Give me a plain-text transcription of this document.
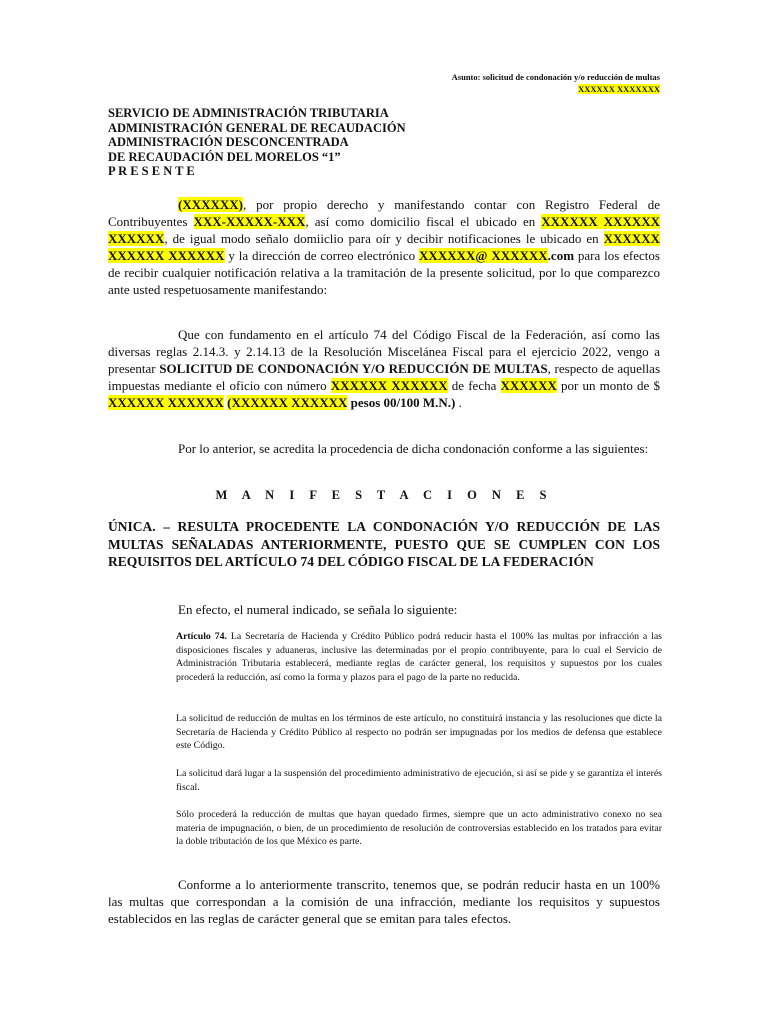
Asunto: solicitud de condonación y/o reducción de multas
XXXXXX XXXXXXX
SERVICIO DE ADMINISTRACIÓN TRIBUTARIA
ADMINISTRACIÓN GENERAL DE RECAUDACIÓN
ADMINISTRACIÓN DESCONCENTRADA
DE RECAUDACIÓN DEL MORELOS “1”
P R E S E N T E
(XXXXXX), por propio derecho y manifestando contar con Registro Federal de Contribuyentes XXX-XXXXX-XXX, así como domicilio fiscal el ubicado en XXXXXX XXXXXX XXXXXX, de igual modo señalo domiiclio para oír y decibir notificaciones le ubicado en XXXXXX XXXXXX XXXXXX y la dirección de correo electrónico XXXXXX@ XXXXXX.com para los efectos de recibir cualquier notificación relativa a la tramitación de la presente solicitud, por lo que comparezco ante usted respetuosamente manifestando:
Que con fundamento en el artículo 74 del Código Fiscal de la Federación, así como las diversas reglas 2.14.3. y 2.14.13 de la Resolución Miscelánea Fiscal para el ejercicio 2022, vengo a presentar SOLICITUD DE CONDONACIÓN Y/O REDUCCIÓN DE MULTAS, respecto de aquellas impuestas mediante el oficio con número XXXXXX XXXXXX de fecha XXXXXX por un monto de $ XXXXXX XXXXXX (XXXXXX XXXXXX pesos 00/100 M.N.) .
Por lo anterior, se acredita la procedencia de dicha condonación conforme a las siguientes:
M A N I F E S T A C I O N E S
ÚNICA. – RESULTA PROCEDENTE LA CONDONACIÓN Y/O REDUCCIÓN DE LAS MULTAS SEÑALADAS ANTERIORMENTE, PUESTO QUE SE CUMPLEN CON LOS REQUISITOS DEL ARTÍCULO 74 DEL CÓDIGO FISCAL DE LA FEDERACIÓN
En efecto, el numeral indicado, se señala lo siguiente:
Artículo 74. La Secretaría de Hacienda y Crédito Público podrá reducir hasta el 100% las multas por infracción a las disposiciones fiscales y aduaneras, inclusive las determinadas por el propio contribuyente, para lo cual el Servicio de Administración Tributaria establecerá, mediante reglas de carácter general, los requisitos y supuestos por los cuales procederá la reducción, así como la forma y plazos para el pago de la parte no reducida.
La solicitud de reducción de multas en los términos de este artículo, no constituirá instancia y las resoluciones que dicte la Secretaría de Hacienda y Crédito Público al respecto no podrán ser impugnadas por los medios de defensa que establece este Código.
La solicitud dará lugar a la suspensión del procedimiento administrativo de ejecución, si así se pide y se garantiza el interés fiscal.
Sólo procederá la reducción de multas que hayan quedado firmes, siempre que un acto administrativo conexo no sea materia de impugnación, o bien, de un procedimiento de resolución de controversias establecido en los tratados para evitar la doble tributación de los que México es parte.
Conforme a lo anteriormente transcrito, tenemos que, se podrán reducir hasta en un 100% las multas que correspondan a la comisión de una infracción, mediante los requisitos y supuestos establecidos en las reglas de carácter general que se emitan para tales efectos.
